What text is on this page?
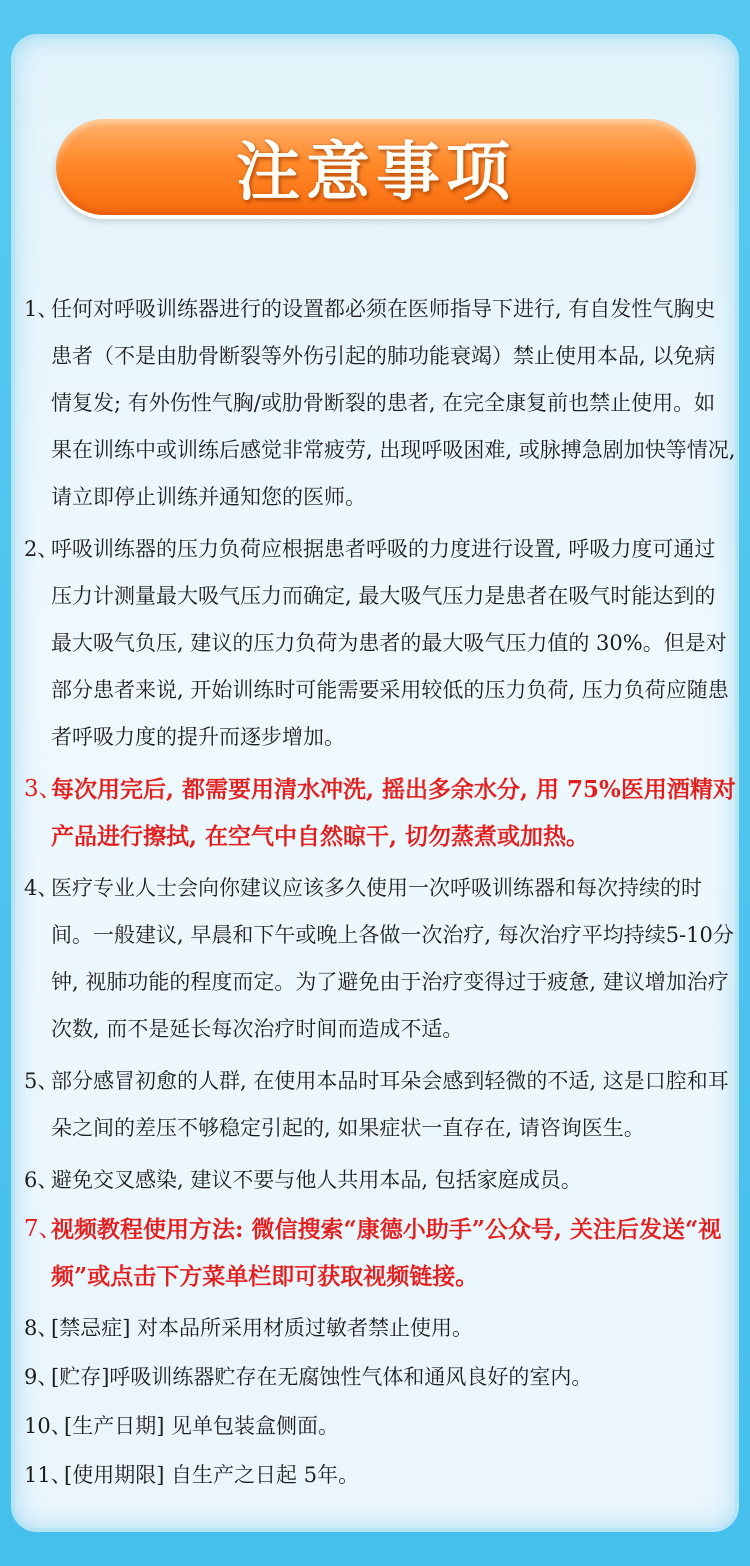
注意事项
1、
任何对呼吸训练器进行的设置都必须在医师指导下进行, 有自发性气胸史患者（不是由肋骨断裂等外伤引起的肺功能衰竭）禁止使用本品, 以免病情复发; 有外伤性气胸/或肋骨断裂的患者, 在完全康复前也禁止使用。如果在训练中或训练后感觉非常疲劳, 出现呼吸困难, 或脉搏急剧加快等情况, 请立即停止训练并通知您的医师。
2、
呼吸训练器的压力负荷应根据患者呼吸的力度进行设置, 呼吸力度可通过压力计测量最大吸气压力而确定, 最大吸气压力是患者在吸气时能达到的最大吸气负压, 建议的压力负荷为患者的最大吸气压力值的 30%。但是对部分患者来说, 开始训练时可能需要采用较低的压力负荷, 压力负荷应随患者呼吸力度的提升而逐步增加。
3、
每次用完后, 都需要用清水冲洗, 摇出多余水分, 用 75%医用酒精对产品进行擦拭, 在空气中自然晾干, 切勿蒸煮或加热。
4、
医疗专业人士会向你建议应该多久使用一次呼吸训练器和每次持续的时间。一般建议, 早晨和下午或晚上各做一次治疗, 每次治疗平均持续5-10分钟, 视肺功能的程度而定。为了避免由于治疗变得过于疲惫, 建议增加治疗次数, 而不是延长每次治疗时间而造成不适。
5、
部分感冒初愈的人群, 在使用本品时耳朵会感到轻微的不适, 这是口腔和耳朵之间的差压不够稳定引起的, 如果症状一直存在, 请咨询医生。
6、
避免交叉感染, 建议不要与他人共用本品, 包括家庭成员。
7、
视频教程使用方法: 微信搜索“康德小助手”公众号, 关注后发送“视频”或点击下方菜单栏即可获取视频链接。
8、
[禁忌症] 对本品所采用材质过敏者禁止使用。
9、
[贮存]呼吸训练器贮存在无腐蚀性气体和通风良好的室内。
10、
[生产日期] 见单包装盒侧面。
11、
[使用期限] 自生产之日起 5年。
